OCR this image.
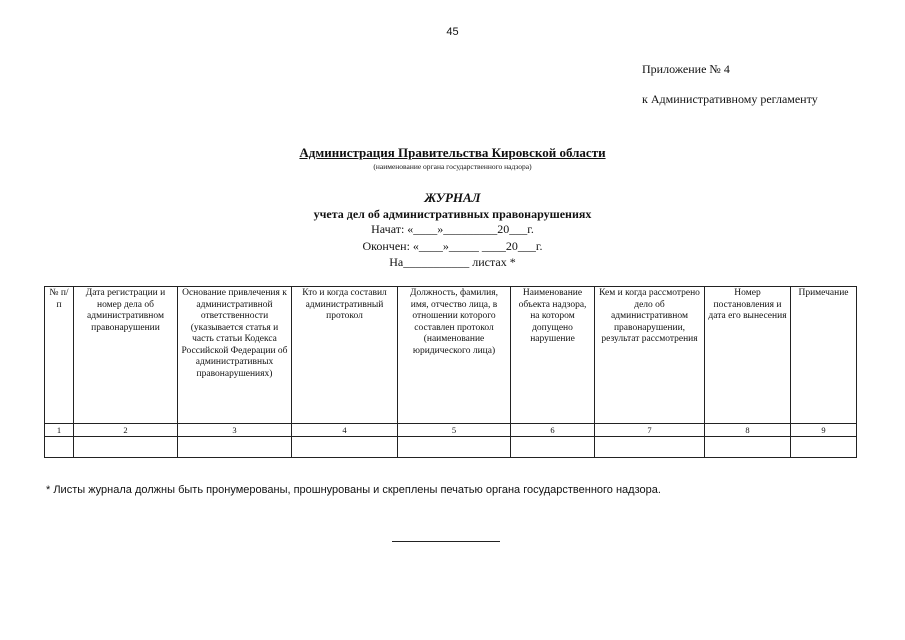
45
Приложение № 4
к Административному регламенту
Администрация Правительства Кировской области
(наименование органа государственного надзора)
ЖУРНАЛ
учета дел об административных правонарушениях
Начат: «____»_________20___г.
Окончен: «____»_____ ____20___г.
На___________ листах *
№ п/п	Дата регистрации и номер дела об административном правонарушении	Основание привлечения к административной ответственности (указывается статья и часть статьи Кодекса Российской Федерации об административных правонарушениях)	Кто и когда составил административный протокол	Должность, фамилия, имя, отчество лица, в отношении которого составлен протокол (наименование юридического лица)	Наименование объекта надзора, на котором допущено нарушение	Кем и когда рассмотрено дело об административном правонарушении, результат рассмотрения	Номер постановления и дата его вынесения	Примечание
1	2	3	4	5	6	7	8	9

* Листы журнала должны быть пронумерованы, прошнурованы и скреплены печатью органа государственного надзора.
